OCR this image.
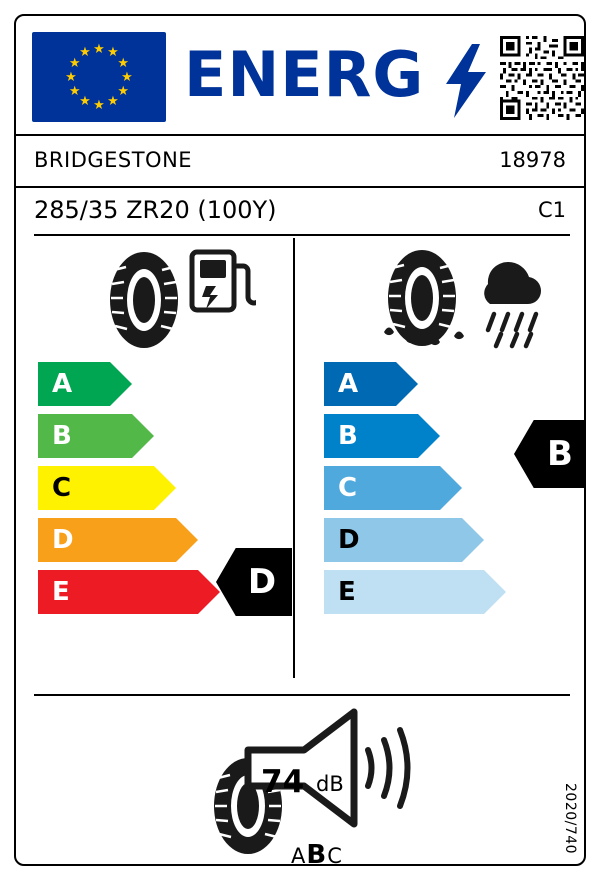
★ ★
★
★
★
★
★
★
★
★
★
★ ENERG
BRIDGESTONE	18978
285/35 ZR20 (100Y)	C1
A
B
C
D
E	D
A
B
C
D
E
B
74 dB
ABC
2020/740
